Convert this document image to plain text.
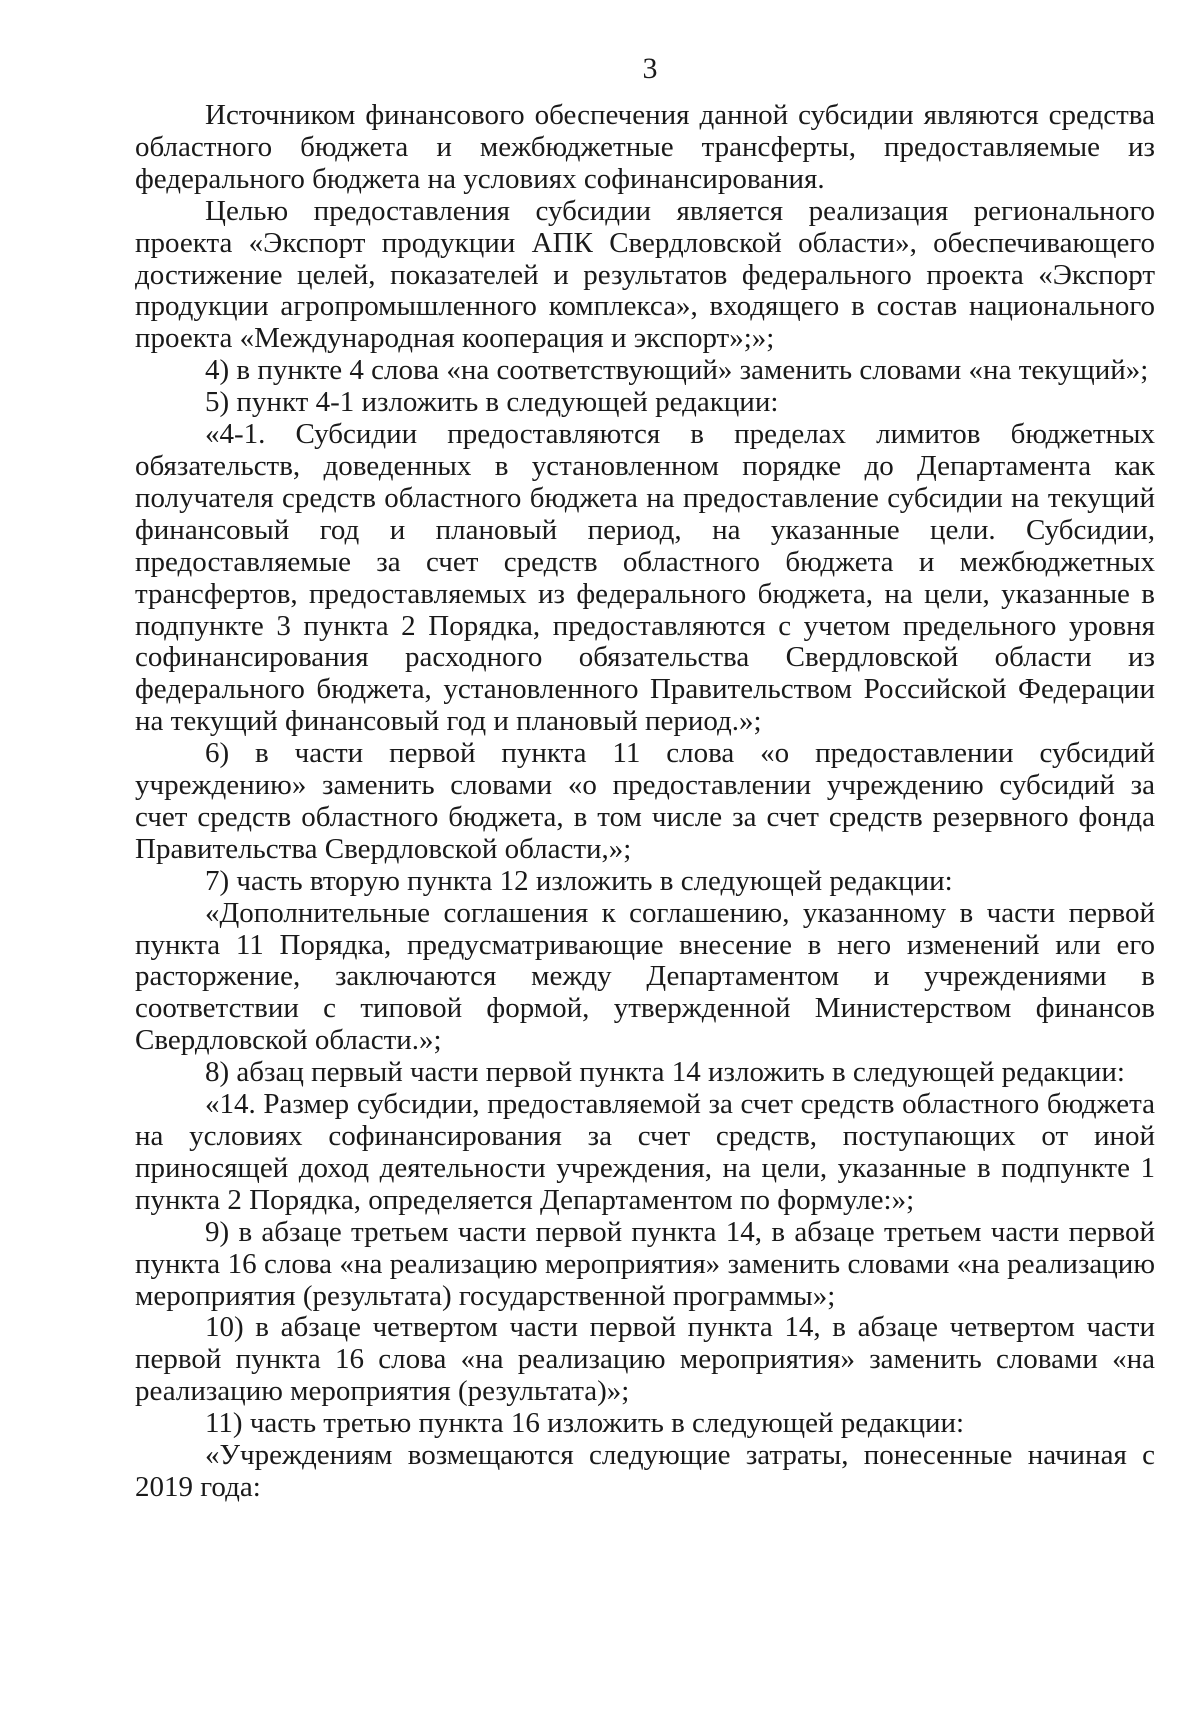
3

Источником финансового обеспечения данной субсидии являются средства областного бюджета и межбюджетные трансферты, предоставляемые из федерального бюджета на условиях софинансирования.

Целью предоставления субсидии является реализация регионального проекта «Экспорт продукции АПК Свердловской области», обеспечивающего достижение целей, показателей и результатов федерального проекта «Экспорт продукции агропромышленного комплекса», входящего в состав национального проекта «Международная кооперация и экспорт»;»;

4) в пункте 4 слова «на соответствующий» заменить словами «на текущий»;

5) пункт 4-1 изложить в следующей редакции:

«4-1. Субсидии предоставляются в пределах лимитов бюджетных обязательств, доведенных в установленном порядке до Департамента как получателя средств областного бюджета на предоставление субсидии на текущий финансовый год и плановый период, на указанные цели. Субсидии, предоставляемые за счет средств областного бюджета и межбюджетных трансфертов, предоставляемых из федерального бюджета, на цели, указанные в подпункте 3 пункта 2 Порядка, предоставляются с учетом предельного уровня софинансирования расходного обязательства Свердловской области из федерального бюджета, установленного Правительством Российской Федерации на текущий финансовый год и плановый период.»;

6) в части первой пункта 11 слова «о предоставлении субсидий учреждению» заменить словами «о предоставлении учреждению субсидий за счет средств областного бюджета, в том числе за счет средств резервного фонда Правительства Свердловской области,»;

7) часть вторую пункта 12 изложить в следующей редакции:

«Дополнительные соглашения к соглашению, указанному в части первой пункта 11 Порядка, предусматривающие внесение в него изменений или его расторжение, заключаются между Департаментом и учреждениями в соответствии с типовой формой, утвержденной Министерством финансов Свердловской области.»;

8) абзац первый части первой пункта 14 изложить в следующей редакции:

«14. Размер субсидии, предоставляемой за счет средств областного бюджета на условиях софинансирования за счет средств, поступающих от иной приносящей доход деятельности учреждения, на цели, указанные в подпункте 1 пункта 2 Порядка, определяется Департаментом по формуле:»;

9) в абзаце третьем части первой пункта 14, в абзаце третьем части первой пункта 16 слова «на реализацию мероприятия» заменить словами «на реализацию мероприятия (результата) государственной программы»;

10) в абзаце четвертом части первой пункта 14, в абзаце четвертом части первой пункта 16 слова «на реализацию мероприятия» заменить словами «на реализацию мероприятия (результата)»;

11) часть третью пункта 16 изложить в следующей редакции:

«Учреждениям возмещаются следующие затраты, понесенные начиная с 2019 года:
